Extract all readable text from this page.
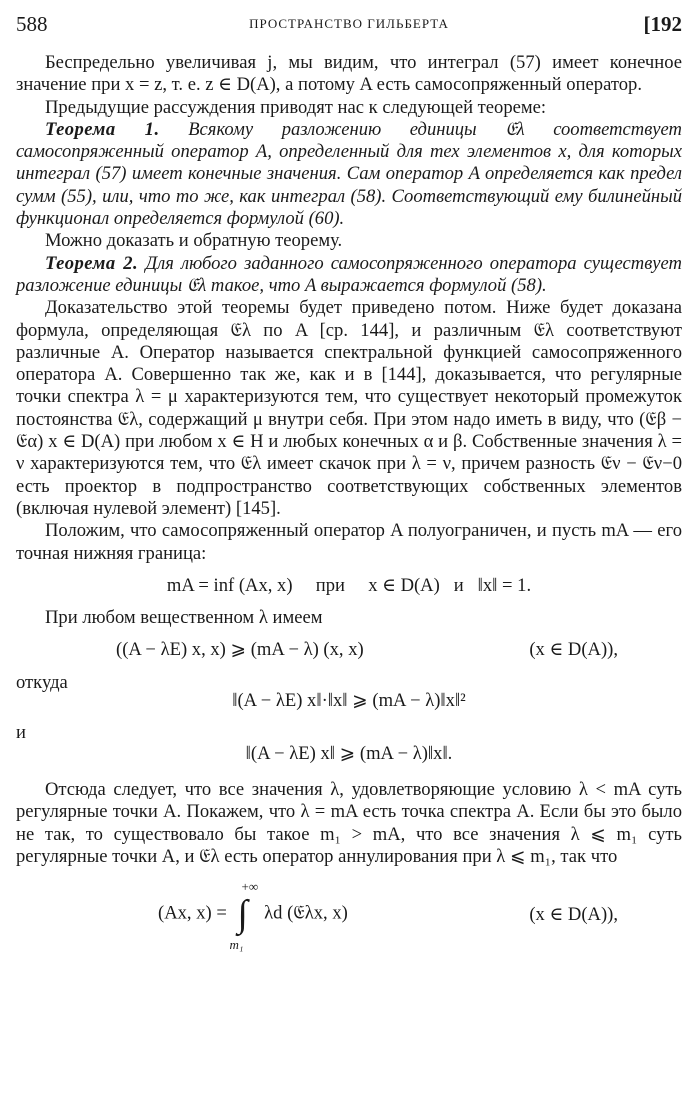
588	ПРОСТРАНСТВО ГИЛЬБЕРТА	[192

Беспредельно увеличивая j, мы видим, что интеграл (57) имеет конечное значение при x = z, т. е. z ∈ D(A), а потому A есть самосопряженный оператор.

Предыдущие рассуждения приводят нас к следующей теореме:

Теорема 1. Всякому разложению единицы 𝔈λ соответствует самосопряженный оператор A, определенный для тех элементов x, для которых интеграл (57) имеет конечные значения. Сам оператор A определяется как предел сумм (55), или, что то же, как интеграл (58). Соответствующий ему билинейный функционал определяется формулой (60).

Можно доказать и обратную теорему.

Теорема 2. Для любого заданного самосопряженного оператора существует разложение единицы 𝔈λ такое, что A выражается формулой (58).

Доказательство этой теоремы будет приведено потом. Ниже будет доказана формула, определяющая 𝔈λ по A [ср. 144], и различным 𝔈λ соответствуют различные A. Оператор называется спектральной функцией самосопряженного оператора A. Совершенно так же, как и в [144], доказывается, что регулярные точки спектра λ = μ характеризуются тем, что существует некоторый промежуток постоянства 𝔈λ, содержащий μ внутри себя. При этом надо иметь в виду, что (𝔈β − 𝔈α) x ∈ D(A) при любом x ∈ H и любых конечных α и β. Собственные значения λ = ν характеризуются тем, что 𝔈λ имеет скачок при λ = ν, причем разность 𝔈ν − 𝔈ν−0 есть проектор в подпространство соответствующих собственных элементов (включая нулевой элемент) [145].

Положим, что самосопряженный оператор A полуограничен, и пусть mA — его точная нижняя граница:

mA = inf (Ax, x)     при     x ∈ D(A)   и   ‖x‖ = 1.

При любом вещественном λ имеем

((A − λE) x, x) ⩾ (mA − λ) (x, x)	(x ∈ D(A)),

откуда

‖(A − λE) x‖·‖x‖ ⩾ (mA − λ)‖x‖²

и

‖(A − λE) x‖ ⩾ (mA − λ)‖x‖.

Отсюда следует, что все значения λ, удовлетворяющие условию λ < mA суть регулярные точки A. Покажем, что λ = mA есть точка спектра A. Если бы это было не так, то существовало бы такое m₁ > mA, что все значения λ ⩽ m₁ суть регулярные точки A, и 𝔈λ есть оператор аннулирования при λ ⩽ m₁, так что

(Ax, x) = ∫
+∞
m₁
λd (𝔈λx, x)	(x ∈ D(A)),
